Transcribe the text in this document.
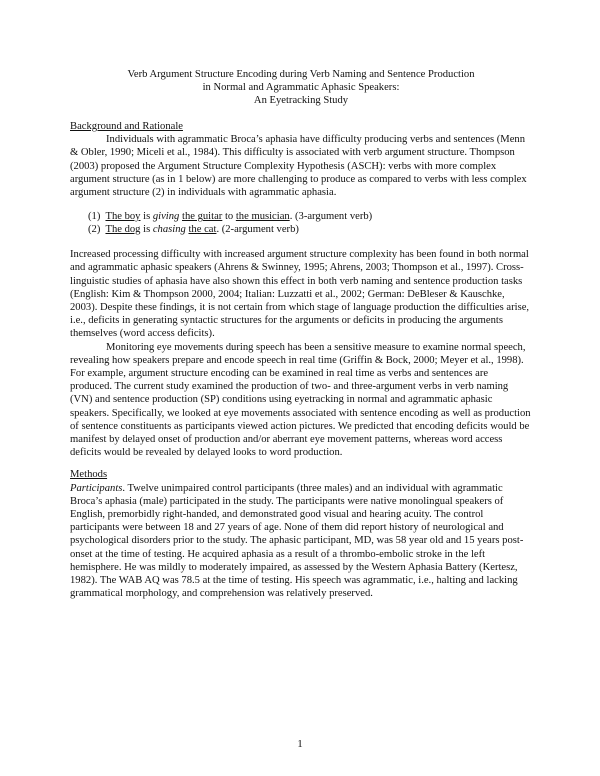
Verb Argument Structure Encoding during Verb Naming and Sentence Production
in Normal and Agrammatic Aphasic Speakers:
An Eyetracking Study
Background and Rationale

Individuals with agrammatic Broca’s aphasia have difficulty producing verbs and sentences (Menn & Obler, 1990; Miceli et al., 1984). This difficulty is associated with verb argument structure. Thompson (2003) proposed the Argument Structure Complexity Hypothesis (ASCH): verbs with more complex argument structure (as in 1 below) are more challenging to produce as compared to verbs with less complex argument structure (2) in individuals with agrammatic aphasia.

(1) The boy is giving the guitar to the musician. (3-argument verb)
(2) The dog is chasing the cat. (2-argument verb)

Increased processing difficulty with increased argument structure complexity has been found in both normal and agrammatic aphasic speakers (Ahrens & Swinney, 1995; Ahrens, 2003; Thompson et al., 1997). Cross-linguistic studies of aphasia have also shown this effect in both verb naming and sentence production tasks (English: Kim & Thompson 2000, 2004; Italian: Luzzatti et al., 2002; German: DeBleser & Kauschke, 2003). Despite these findings, it is not certain from which stage of language production the difficulties arise, i.e., deficits in generating syntactic structures for the arguments or deficits in producing the arguments themselves (word access deficits).

Monitoring eye movements during speech has been a sensitive measure to examine normal speech, revealing how speakers prepare and encode speech in real time (Griffin & Bock, 2000; Meyer et al., 1998). For example, argument structure encoding can be examined in real time as verbs and sentences are produced. The current study examined the production of two- and three-argument verbs in verb naming (VN) and sentence production (SP) conditions using eyetracking in normal and agrammatic aphasic speakers. Specifically, we looked at eye movements associated with sentence encoding as well as production of sentence constituents as participants viewed action pictures. We predicted that encoding deficits would be manifest by delayed onset of production and/or aberrant eye movement patterns, whereas word access deficits would be revealed by delayed looks to word production.

Methods

Participants. Twelve unimpaired control participants (three males) and an individual with agrammatic Broca’s aphasia (male) participated in the study. The participants were native monolingual speakers of English, premorbidly right-handed, and demonstrated good visual and hearing acuity. The control participants were between 18 and 27 years of age. None of them did report history of neurological and psychological disorders prior to the study. The aphasic participant, MD, was 58 year old and 15 years post-onset at the time of testing. He acquired aphasia as a result of a thrombo-embolic stroke in the left hemisphere. He was mildly to moderately impaired, as assessed by the Western Aphasia Battery (Kertesz, 1982). The WAB AQ was 78.5 at the time of testing. His speech was agrammatic, i.e., halting and lacking grammatical morphology, and comprehension was relatively preserved.

1
